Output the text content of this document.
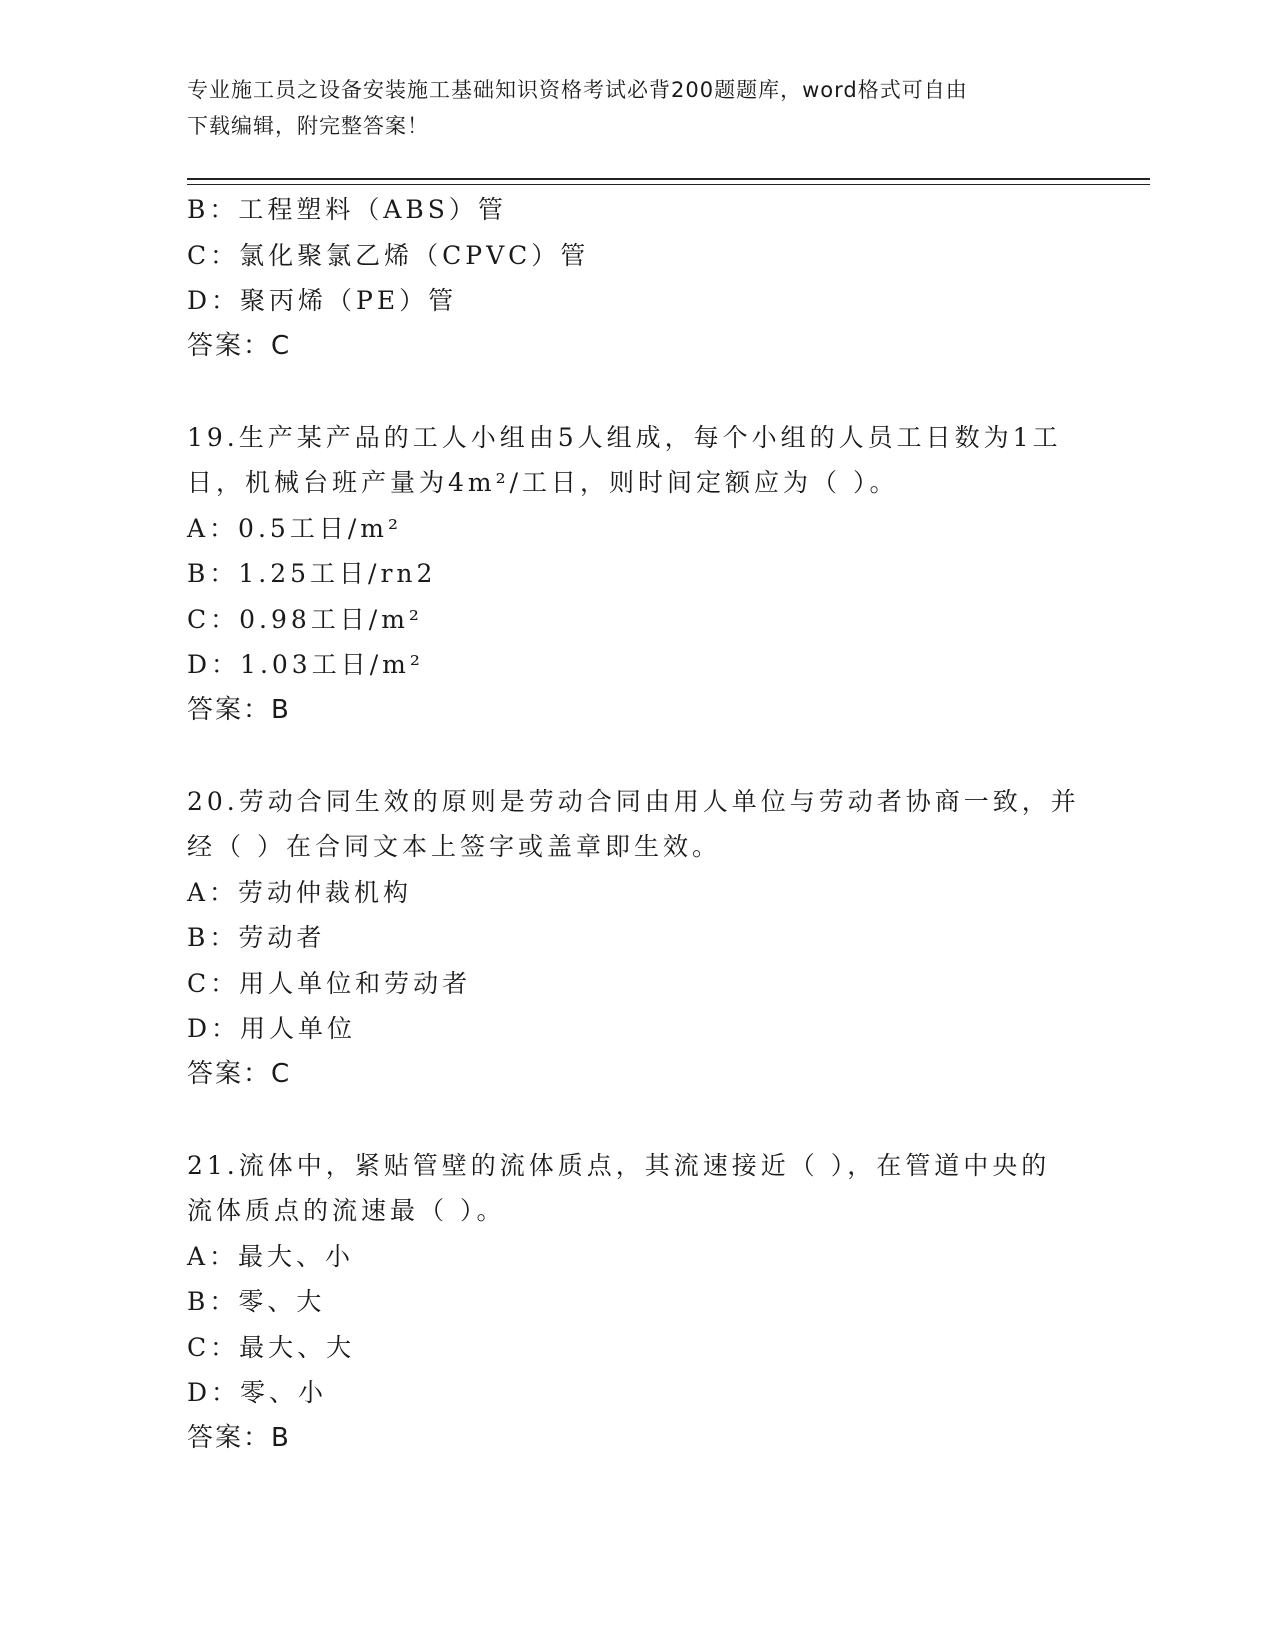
专业施工员之设备安装施工基础知识资格考试必背200题题库，word格式可自由
下载编辑，附完整答案！
B：工程塑料（ABS）管
C：氯化聚氯乙烯（CPVC）管
D：聚丙烯（PE）管
答案：C
19.生产某产品的工人小组由5人组成，每个小组的人员工日数为1工
日，机械台班产量为4m²/工日，则时间定额应为（ ）。
A：0.5工日/m²
B：1.25工日/rn2
C：0.98工日/m²
D：1.03工日/m²
答案：B
20.劳动合同生效的原则是劳动合同由用人单位与劳动者协商一致，并
经（ ）在合同文本上签字或盖章即生效。
A：劳动仲裁机构
B：劳动者
C：用人单位和劳动者
D：用人单位
答案：C
21.流体中，紧贴管壁的流体质点，其流速接近（ ），在管道中央的
流体质点的流速最（ ）。
A：最大、小
B：零、大
C：最大、大
D：零、小
答案：B
